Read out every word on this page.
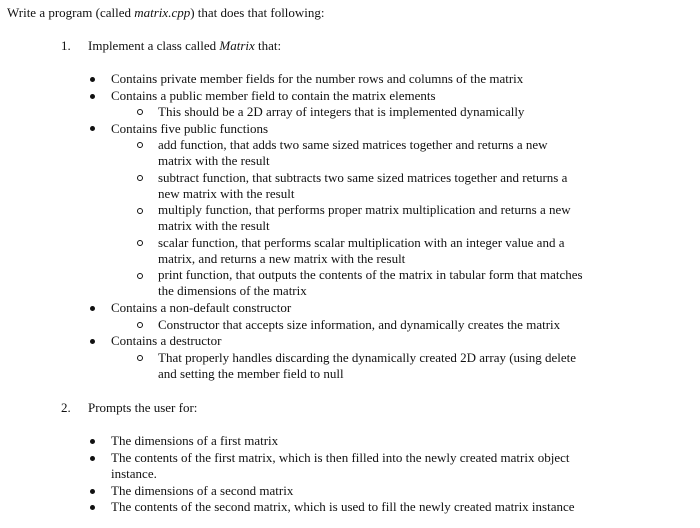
Write a program (called matrix.cpp) that does that following:
1. Implement a class called Matrix that:
Contains private member fields for the number rows and columns of the matrix
Contains a public member field to contain the matrix elements
This should be a 2D array of integers that is implemented dynamically
Contains five public functions
add function, that adds two same sized matrices together and returns a new
matrix with the result
subtract function, that subtracts two same sized matrices together and returns a
new matrix with the result
multiply function, that performs proper matrix multiplication and returns a new
matrix with the result
scalar function, that performs scalar multiplication with an integer value and a
matrix, and returns a new matrix with the result
print function, that outputs the contents of the matrix in tabular form that matches
the dimensions of the matrix
Contains a non-default constructor
Constructor that accepts size information, and dynamically creates the matrix
Contains a destructor
That properly handles discarding the dynamically created 2D array (using delete
and setting the member field to null
2. Prompts the user for:
The dimensions of a first matrix
The contents of the first matrix, which is then filled into the newly created matrix object
instance.
The dimensions of a second matrix
The contents of the second matrix, which is used to fill the newly created matrix instance
